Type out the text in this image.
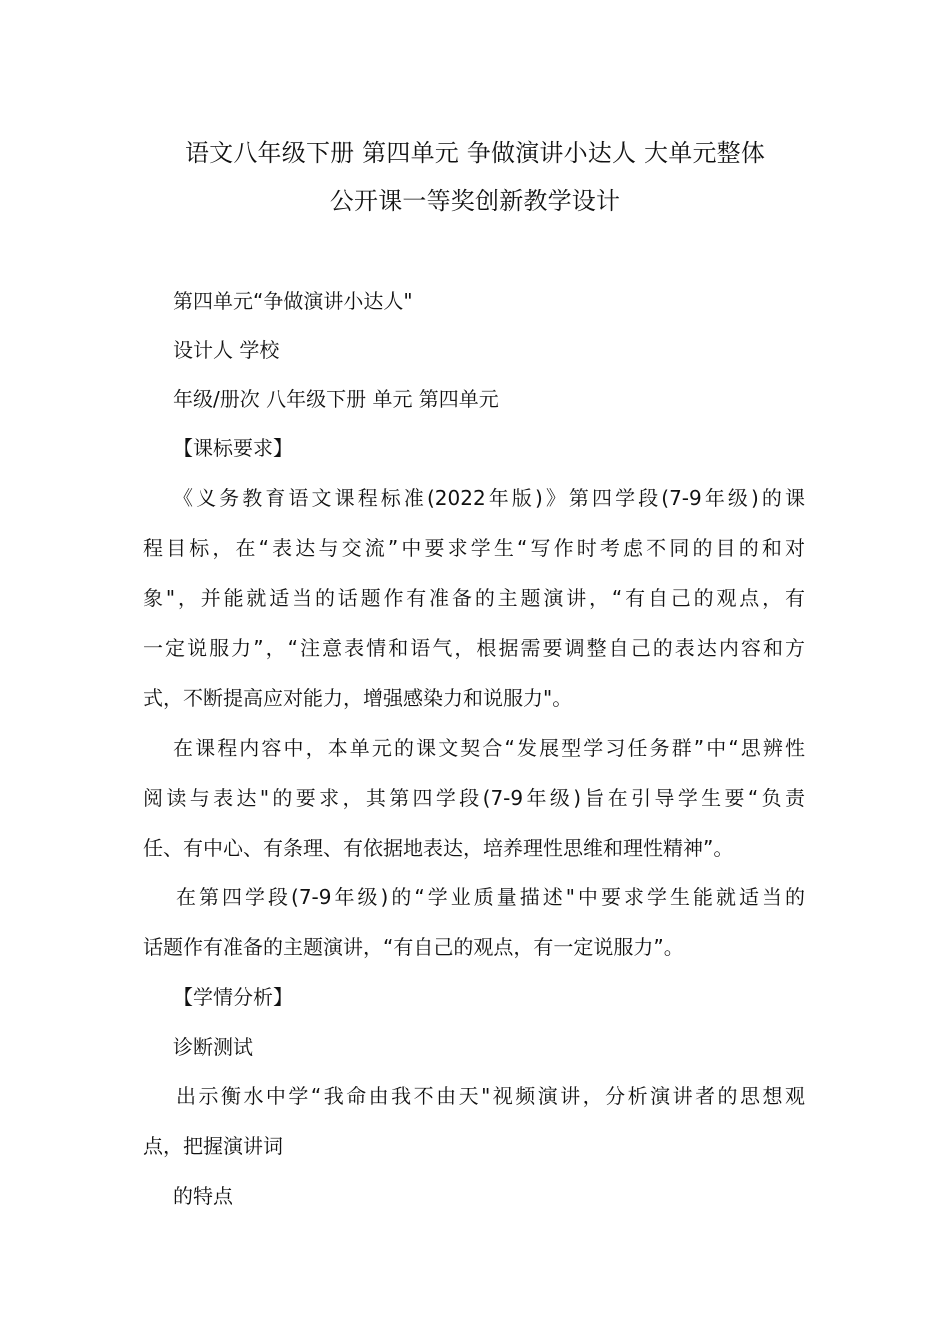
语文八年级下册 第四单元 争做演讲小达人 大单元整体
公开课一等奖创新教学设计
第四单元“争做演讲小达人"
设计人 学校
年级/册次 八年级下册 单元 第四单元
【课标要求】
《义务教育语文课程标准(2022年版)》第四学段(7-9年级)的课
程目标，在“表达与交流”中要求学生“写作时考虑不同的目的和对
象"，并能就适当的话题作有准备的主题演讲，“有自己的观点，有
一定说服力”，“注意表情和语气，根据需要调整自己的表达内容和方
式，不断提高应对能力，增强感染力和说服力"。
在课程内容中，本单元的课文契合“发展型学习任务群”中“思辨性
阅读与表达"的要求，其第四学段(7-9年级)旨在引导学生要“负责
任、有中心、有条理、有依据地表达，培养理性思维和理性精神”。
在第四学段(7-9年级)的“学业质量描述"中要求学生能就适当的
话题作有准备的主题演讲，“有自己的观点，有一定说服力”。
【学情分析】
诊断测试
出示衡水中学“我命由我不由天"视频演讲，分析演讲者的思想观
点，把握演讲词
的特点
